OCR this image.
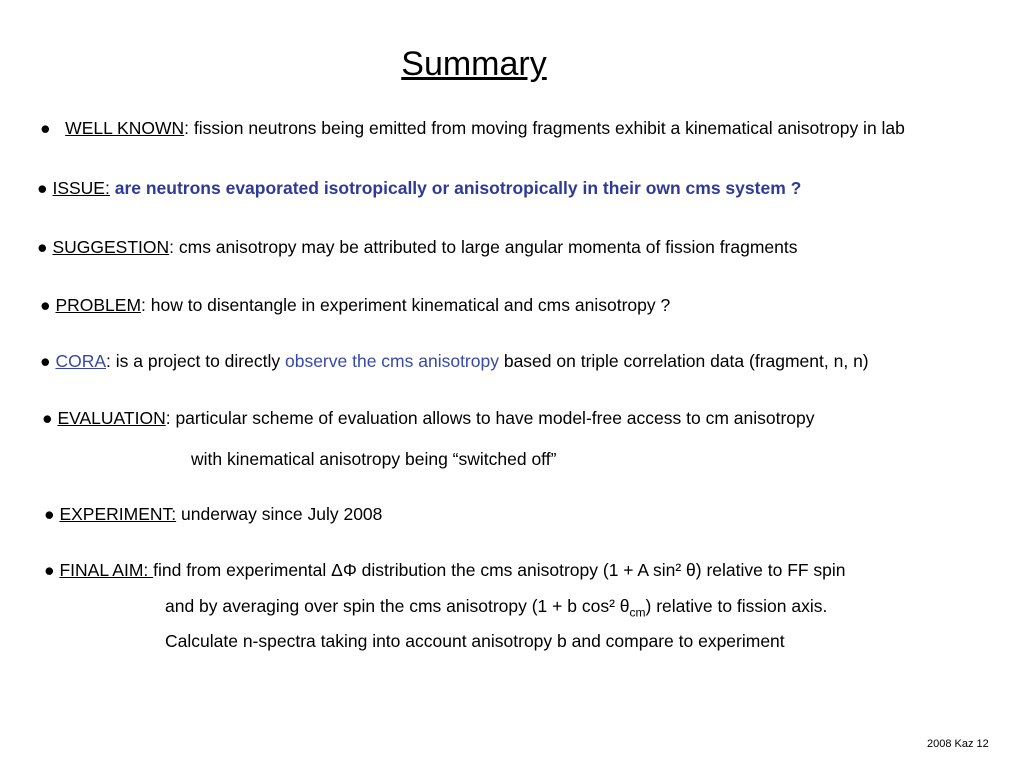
Summary
● WELL KNOWN: fission neutrons being emitted from moving fragments exhibit a kinematical anisotropy in lab
● ISSUE: are neutrons evaporated isotropically or anisotropically in their own cms system ?
● SUGGESTION: cms anisotropy may be attributed to large angular momenta of fission fragments
● PROBLEM: how to disentangle in experiment kinematical and cms anisotropy ?
● CORA: is a project to directly observe the cms anisotropy based on triple correlation data (fragment, n, n)
● EVALUATION: particular scheme of evaluation allows to have model-free access to cm anisotropy
with kinematical anisotropy being “switched off”
● EXPERIMENT: underway since July 2008
● FINAL AIM: find from experimental ΔΦ distribution the cms anisotropy (1 + A sin² θ) relative to FF spin
and by averaging over spin the cms anisotropy (1 + b cos² $\theta_{cm}$) relative to fission axis.
Calculate n-spectra taking into account anisotropy b and compare to experiment
2008 Kaz 12
